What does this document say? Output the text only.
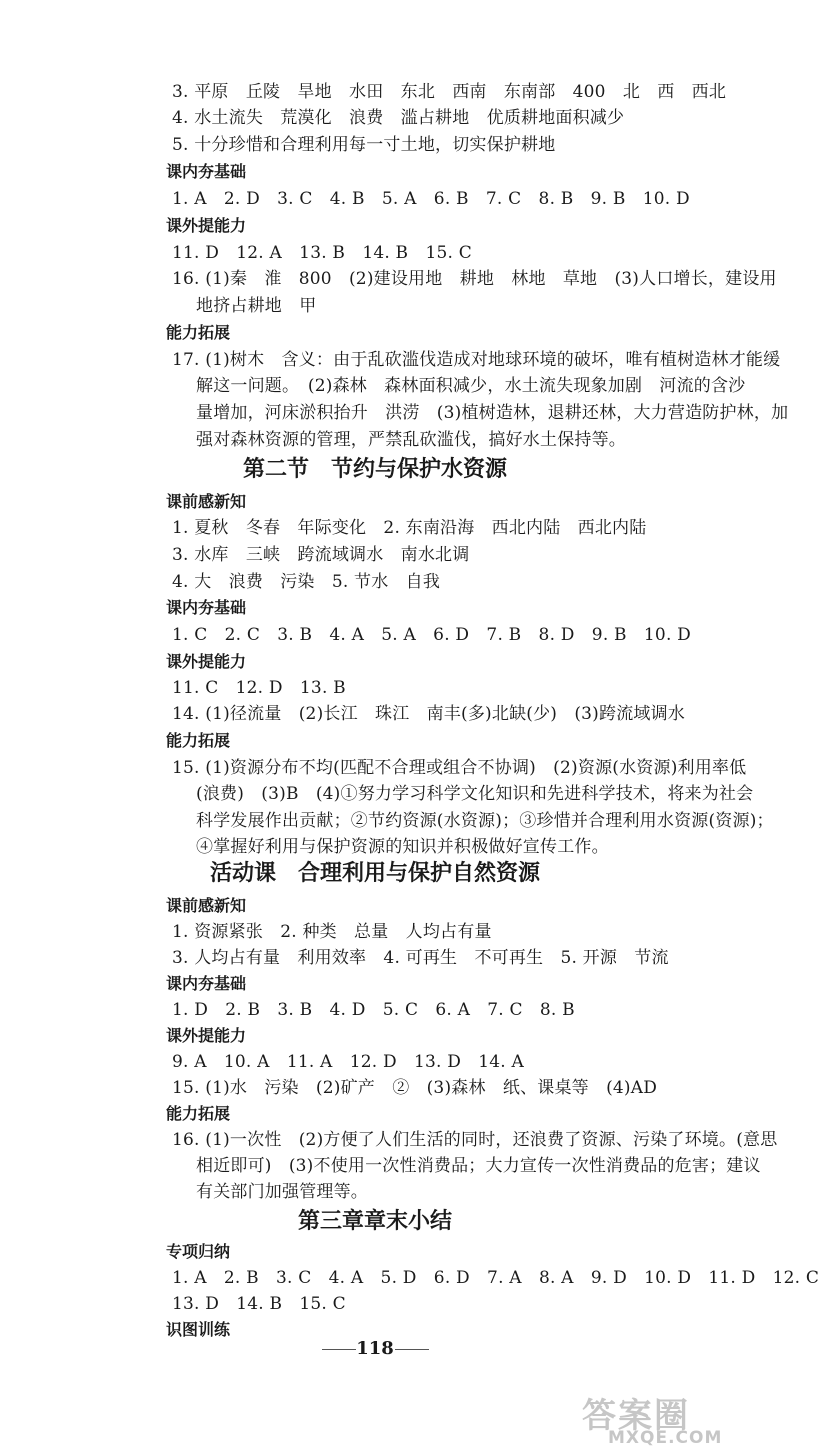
3. 平原　丘陵　旱地　水田　东北　西南　东南部　400　北　西　西北
4. 水土流失　荒漠化　浪费　滥占耕地　优质耕地面积减少
5. 十分珍惜和合理利用每一寸土地，切实保护耕地
课内夯基础
1. A　2. D　3. C　4. B　5. A　6. B　7. C　8. B　9. B　10. D
课外提能力
11. D　12. A　13. B　14. B　15. C
16. (1)秦　淮　800　(2)建设用地　耕地　林地　草地　(3)人口增长，建设用
地挤占耕地　甲
能力拓展
17. (1)树木　含义：由于乱砍滥伐造成对地球环境的破坏，唯有植树造林才能缓
解这一问题。　(2)森林　森林面积减少，水土流失现象加剧　河流的含沙
量增加，河床淤积抬升　洪涝　(3)植树造林，退耕还林，大力营造防护林，加
强对森林资源的管理，严禁乱砍滥伐，搞好水土保持等。
第二节　节约与保护水资源
课前感新知
1. 夏秋　冬春　年际变化　2. 东南沿海　西北内陆　西北内陆
3. 水库　三峡　跨流域调水　南水北调
4. 大　浪费　污染　5. 节水　自我
课内夯基础
1. C　2. C　3. B　4. A　5. A　6. D　7. B　8. D　9. B　10. D
课外提能力
11. C　12. D　13. B
14. (1)径流量　(2)长江　珠江　南丰(多)北缺(少)　(3)跨流域调水
能力拓展
15. (1)资源分布不均(匹配不合理或组合不协调)　(2)资源(水资源)利用率低
(浪费)　(3)B　(4)①努力学习科学文化知识和先进科学技术，将来为社会
科学发展作出贡献；②节约资源(水资源)；③珍惜并合理利用水资源(资源)；
④掌握好利用与保护资源的知识并积极做好宣传工作。
活动课　合理利用与保护自然资源
课前感新知
1. 资源紧张　2. 种类　总量　人均占有量
3. 人均占有量　利用效率　4. 可再生　不可再生　5. 开源　节流
课内夯基础
1. D　2. B　3. B　4. D　5. C　6. A　7. C　8. B
课外提能力
9. A　10. A　11. A　12. D　13. D　14. A
15. (1)水　污染　(2)矿产　②　(3)森林　纸、课桌等　(4)AD
能力拓展
16. (1)一次性　(2)方便了人们生活的同时，还浪费了资源、污染了环境。(意思
相近即可)　(3)不使用一次性消费品；大力宣传一次性消费品的危害；建议
有关部门加强管理等。
第三章章末小结
专项归纳
1. A　2. B　3. C　4. A　5. D　6. D　7. A　8. A　9. D　10. D　11. D　12. C
13. D　14. B　15. C
识图训练
118
答案圈
MXQE.COM
